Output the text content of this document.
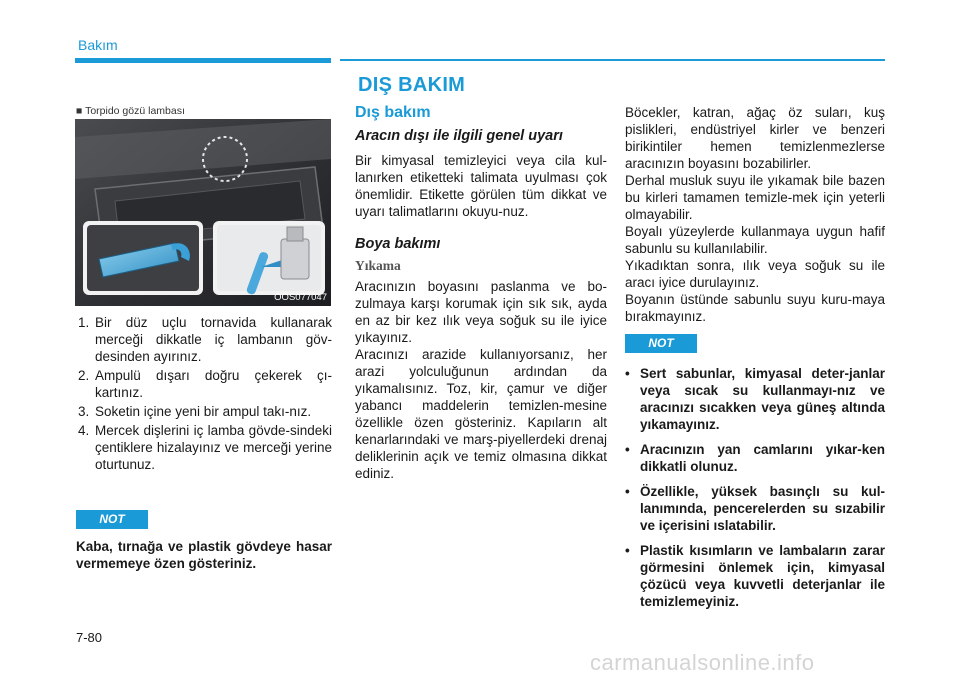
Bakım
DIŞ BAKIM
■ Torpido gözü lambası
OOS077047
1. Bir düz uçlu tornavida kullanarak merceği dikkatle iç lambanın göv-desinden ayırınız.
2. Ampulü dışarı doğru çekerek çı-kartınız.
3. Soketin içine yeni bir ampul takı-nız.
4. Mercek dişlerini iç lamba gövde-sindeki çentiklere hizalayınız ve merceği yerine oturtunuz.
NOT

Kaba, tırnağa ve plastik gövdeye hasar vermemeye özen gösteriniz.

Dış bakım
Aracın dışı ile ilgili genel uyarı

Bir kimyasal temizleyici veya cila kul-lanırken etiketteki talimata uyulması çok önemlidir. Etikette görülen tüm dikkat ve uyarı talimatlarını okuyu-nuz.

Boya bakımı
Yıkama

Aracınızın boyasını paslanma ve bo-zulmaya karşı korumak için sık sık, ayda en az bir kez ılık veya soğuk su ile iyice yıkayınız.

Aracınızı arazide kullanıyorsanız, her arazi yolculuğunun ardından da yıkamalısınız. Toz, kir, çamur ve diğer yabancı maddelerin temizlen-mesine özellikle özen gösteriniz. Kapıların alt kenarlarındaki ve marş-piyellerdeki drenaj deliklerinin açık ve temiz olmasına dikkat ediniz.

Böcekler, katran, ağaç öz suları, kuş pislikleri, endüstriyel kirler ve benzeri birikintiler hemen temizlenmezlerse aracınızın boyasını bozabilirler.

Derhal musluk suyu ile yıkamak bile bazen bu kirleri tamamen temizle-mek için yeterli olmayabilir.

Boyalı yüzeylerde kullanmaya uygun hafif sabunlu su kullanılabilir.

Yıkadıktan sonra, ılık veya soğuk su ile aracı iyice durulayınız.

Boyanın üstünde sabunlu suyu kuru-maya bırakmayınız.

NOT
• Sert sabunlar, kimyasal deter-janlar veya sıcak su kullanmayı-nız ve aracınızı sıcakken veya güneş altında yıkamayınız.
• Aracınızın yan camlarını yıkar-ken dikkatli olunuz.
• Özellikle, yüksek basınçlı su kul-lanımında, pencerelerden su sızabilir ve içerisini ıslatabilir.
• Plastik kısımların ve lambaların zarar görmesini önlemek için, kimyasal çözücü veya kuvvetli deterjanlar ile temizlemeyiniz.
7-80
carmanualsonline.info
